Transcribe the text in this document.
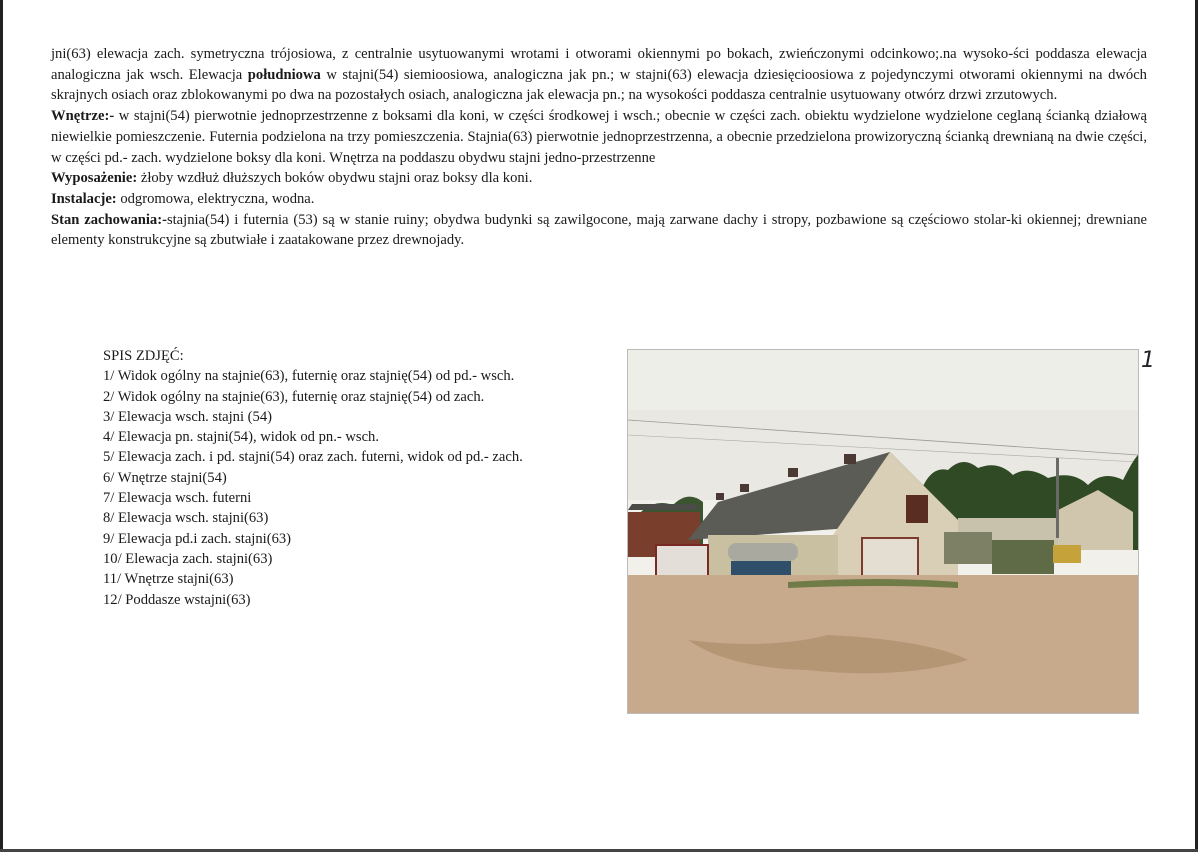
jni(63) elewacja zach. symetryczna trójosiowa, z centralnie usytuowanymi wrotami i otworami okiennymi po bokach, zwieńczonymi odcinkowo;.na wysoko-ści poddasza elewacja analogiczna jak wsch. Elewacja południowa w stajni(54) siemioosiowa, analogiczna jak pn.; w stajni(63) elewacja dziesięcioosiowa z pojedynczymi otworami okiennymi na dwóch skrajnych osiach oraz zblokowanymi po dwa na pozostałych osiach, analogiczna jak elewacja pn.; na wysokości poddasza centralnie usytuowany otwórz drzwi zrzutowych.

Wnętrze:- w stajni(54) pierwotnie jednoprzestrzenne z boksami dla koni, w części środkowej i wsch.; obecnie w części zach. obiektu wydzielone wydzielone ceglaną ścianką działową niewielkie pomieszczenie. Futernia podzielona na trzy pomieszczenia. Stajnia(63) pierwotnie jednoprzestrzenna, a obecnie przedzielona prowizoryczną ścianką drewnianą na dwie części, w części pd.- zach. wydzielone boksy dla koni. Wnętrza na poddaszu obydwu stajni jedno-przestrzenne

Wyposażenie: żłoby wzdłuż dłuższych boków obydwu stajni oraz boksy dla koni.

Instalacje: odgromowa, elektryczna, wodna.

Stan zachowania:-stajnia(54) i futernia (53) są w stanie ruiny; obydwa budynki są zawilgocone, mają zarwane dachy i stropy, pozbawione są częściowo stolar-ki okiennej; drewniane elementy konstrukcyjne są zbutwiałe i zaatakowane przez drewnojady.

SPIS ZDJĘĆ:
1/ Widok ogólny na stajnie(63), futernię oraz stajnię(54) od pd.- wsch.
2/ Widok ogólny na stajnie(63), futernię oraz stajnię(54) od zach.
3/ Elewacja wsch. stajni (54)
4/ Elewacja pn. stajni(54), widok od pn.- wsch.
5/ Elewacja zach. i pd. stajni(54) oraz zach. futerni, widok od pd.- zach.
6/ Wnętrze stajni(54)
7/ Elewacja wsch. futerni
8/ Elewacja wsch. stajni(63)
9/ Elewacja pd.i zach. stajni(63)
10/ Elewacja zach. stajni(63)
11/ Wnętrze stajni(63)
12/ Poddasze wstajni(63)
1
